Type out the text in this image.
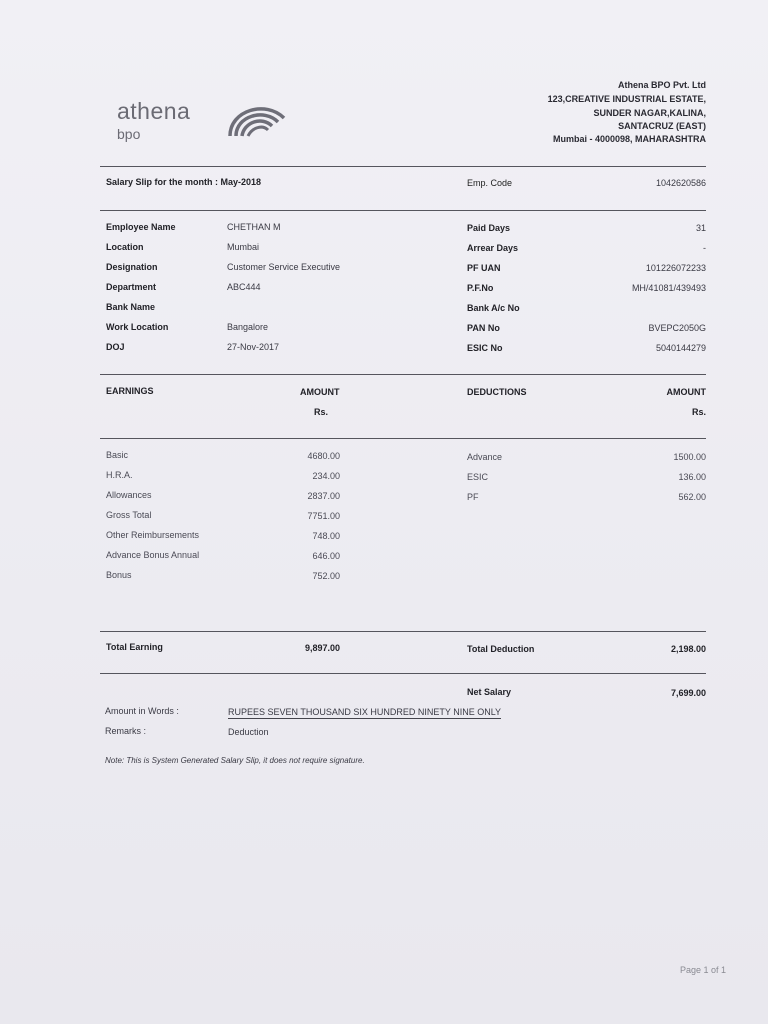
athena
bpo
Athena BPO Pvt. Ltd
123,CREATIVE INDUSTRIAL ESTATE,
SUNDER NAGAR,KALINA,
SANTACRUZ (EAST)
Mumbai - 4000098, MAHARASHTRA
Salary Slip for the month : May-2018	Emp. Code	1042620586
Employee Name	CHETHAN M
Location	Mumbai
Designation	Customer Service Executive
Department	ABC444
Bank Name
Work Location	Bangalore
DOJ	27-Nov-2017
Paid Days	31
Arrear Days	-
PF UAN	101226072233
P.F.No	MH/41081/439493
Bank A/c No
PAN No	BVEPC2050G
ESIC No	5040144279
EARNINGS	AMOUNT
Rs.
DEDUCTIONS	AMOUNT
Rs.
Basic	4680.00
H.R.A.	234.00
Allowances	2837.00
Gross Total	7751.00
Other Reimbursements	748.00
Advance Bonus Annual	646.00
Bonus	752.00
Advance	1500.00
ESIC	136.00
PF	562.00
Total Earning	9,897.00	Total Deduction	2,198.00
Net Salary	7,699.00
Amount in Words :	RUPEES SEVEN THOUSAND SIX HUNDRED NINETY NINE ONLY
Remarks :	Deduction
Note: This is System Generated Salary Slip, it does not require signature.
Page 1 of 1
